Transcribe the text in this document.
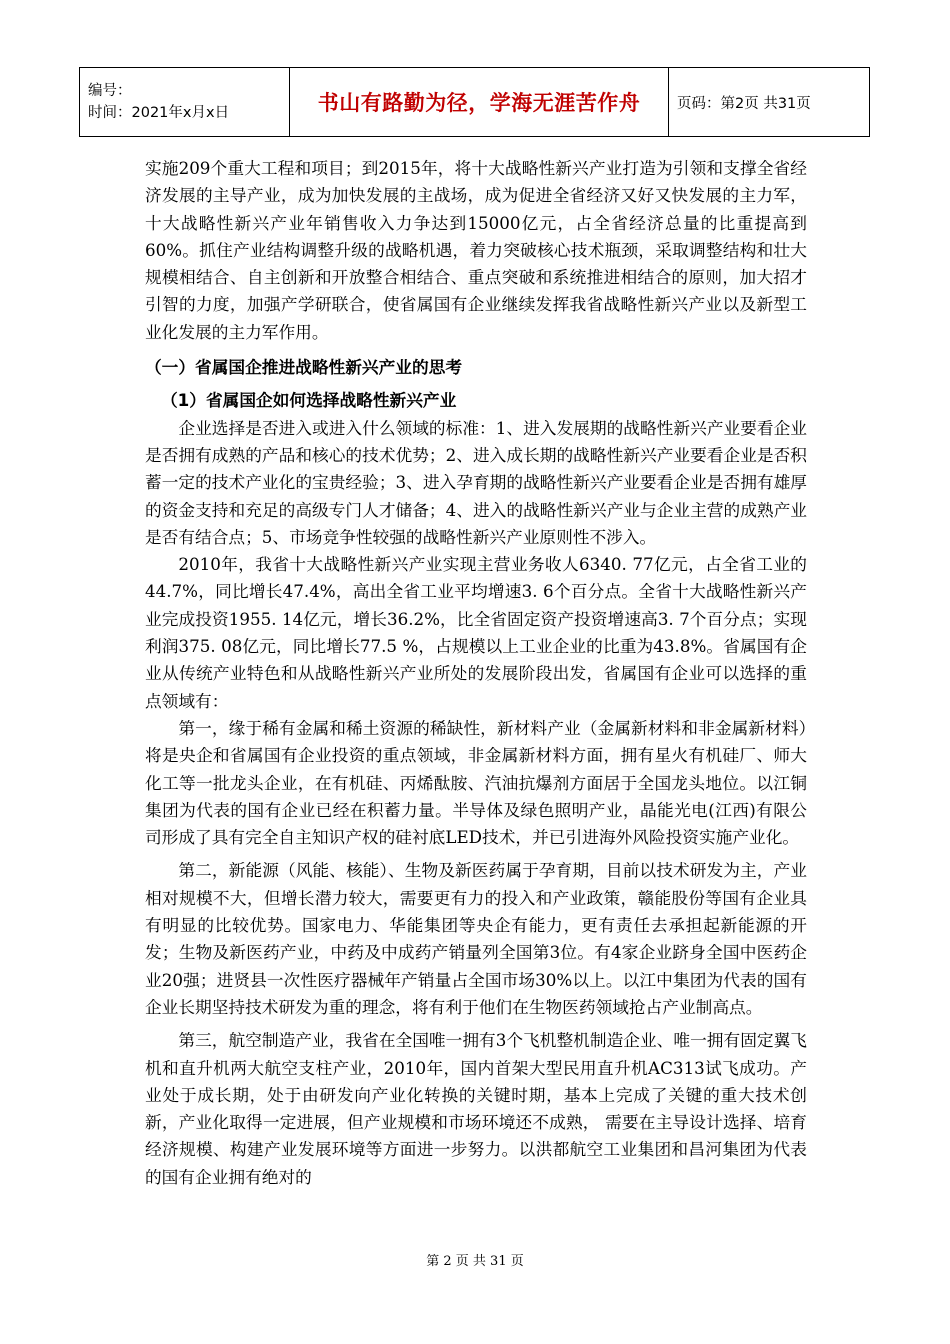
编号：
时间：2021年x月x日	书山有路勤为径，学海无涯苦作舟	页码：第2页 共31页

实施209个重大工程和项目；到2015年，将十大战略性新兴产业打造为引领和支撑全省经济发展的主导产业，成为加快发展的主战场，成为促进全省经济又好又快发展的主力军，十大战略性新兴产业年销售收入力争达到15000亿元，占全省经济总量的比重提高到60%。抓住产业结构调整升级的战略机遇，着力突破核心技术瓶颈，采取调整结构和壮大规模相结合、自主创新和开放整合相结合、重点突破和系统推进相结合的原则，加大招才引智的力度，加强产学研联合，使省属国有企业继续发挥我省战略性新兴产业以及新型工业化发展的主力军作用。

（一）省属国企推进战略性新兴产业的思考
（1）省属国企如何选择战略性新兴产业

企业选择是否进入或进入什么领域的标准：1、进入发展期的战略性新兴产业要看企业是否拥有成熟的产品和核心的技术优势；2、进入成长期的战略性新兴产业要看企业是否积蓄一定的技术产业化的宝贵经验；3、进入孕育期的战略性新兴产业要看企业是否拥有雄厚的资金支持和充足的高级专门人才储备；4、进入的战略性新兴产业与企业主营的成熟产业是否有结合点；5、市场竞争性较强的战略性新兴产业原则性不涉入。

2010年，我省十大战略性新兴产业实现主营业务收人6340. 77亿元，占全省工业的44.7%，同比增长47.4%，高出全省工业平均增速3. 6个百分点。全省十大战略性新兴产业完成投资1955. 14亿元，增长36.2%，比全省固定资产投资增速高3. 7个百分点；实现利润375. 08亿元，同比增长77.5 %，占规模以上工业企业的比重为43.8%。省属国有企业从传统产业特色和从战略性新兴产业所处的发展阶段出发，省属国有企业可以选择的重点领域有：

第一，缘于稀有金属和稀土资源的稀缺性，新材料产业（金属新材料和非金属新材料）将是央企和省属国有企业投资的重点领域，非金属新材料方面，拥有星火有机硅厂、师大化工等一批龙头企业，在有机硅、丙烯酞胺、汽油抗爆剂方面居于全国龙头地位。以江铜集团为代表的国有企业已经在积蓄力量。半导体及绿色照明产业，晶能光电(江西)有限公司形成了具有完全自主知识产权的硅衬底LED技术，并已引进海外风险投资实施产业化。

第二，新能源（风能、核能）、生物及新医药属于孕育期，目前以技术研发为主，产业相对规模不大，但增长潜力较大，需要更有力的投入和产业政策，赣能股份等国有企业具有明显的比较优势。国家电力、华能集团等央企有能力，更有责任去承担起新能源的开发；生物及新医药产业，中药及中成药产销量列全国第3位。有4家企业跻身全国中医药企业20强；进贤县一次性医疗器械年产销量占全国市场30%以上。以江中集团为代表的国有企业长期坚持技术研发为重的理念，将有利于他们在生物医药领域抢占产业制高点。

第三，航空制造产业，我省在全国唯一拥有3个飞机整机制造企业、唯一拥有固定翼飞机和直升机两大航空支柱产业，2010年，国内首架大型民用直升机AC313试飞成功。产业处于成长期，处于由研发向产业化转换的关键时期，基本上完成了关键的重大技术创新，产业化取得一定进展，但产业规模和市场环境还不成熟， 需要在主导设计选择、培育经济规模、构建产业发展环境等方面进一步努力。以洪都航空工业集团和昌河集团为代表的国有企业拥有绝对的

第 2 页 共 31 页
